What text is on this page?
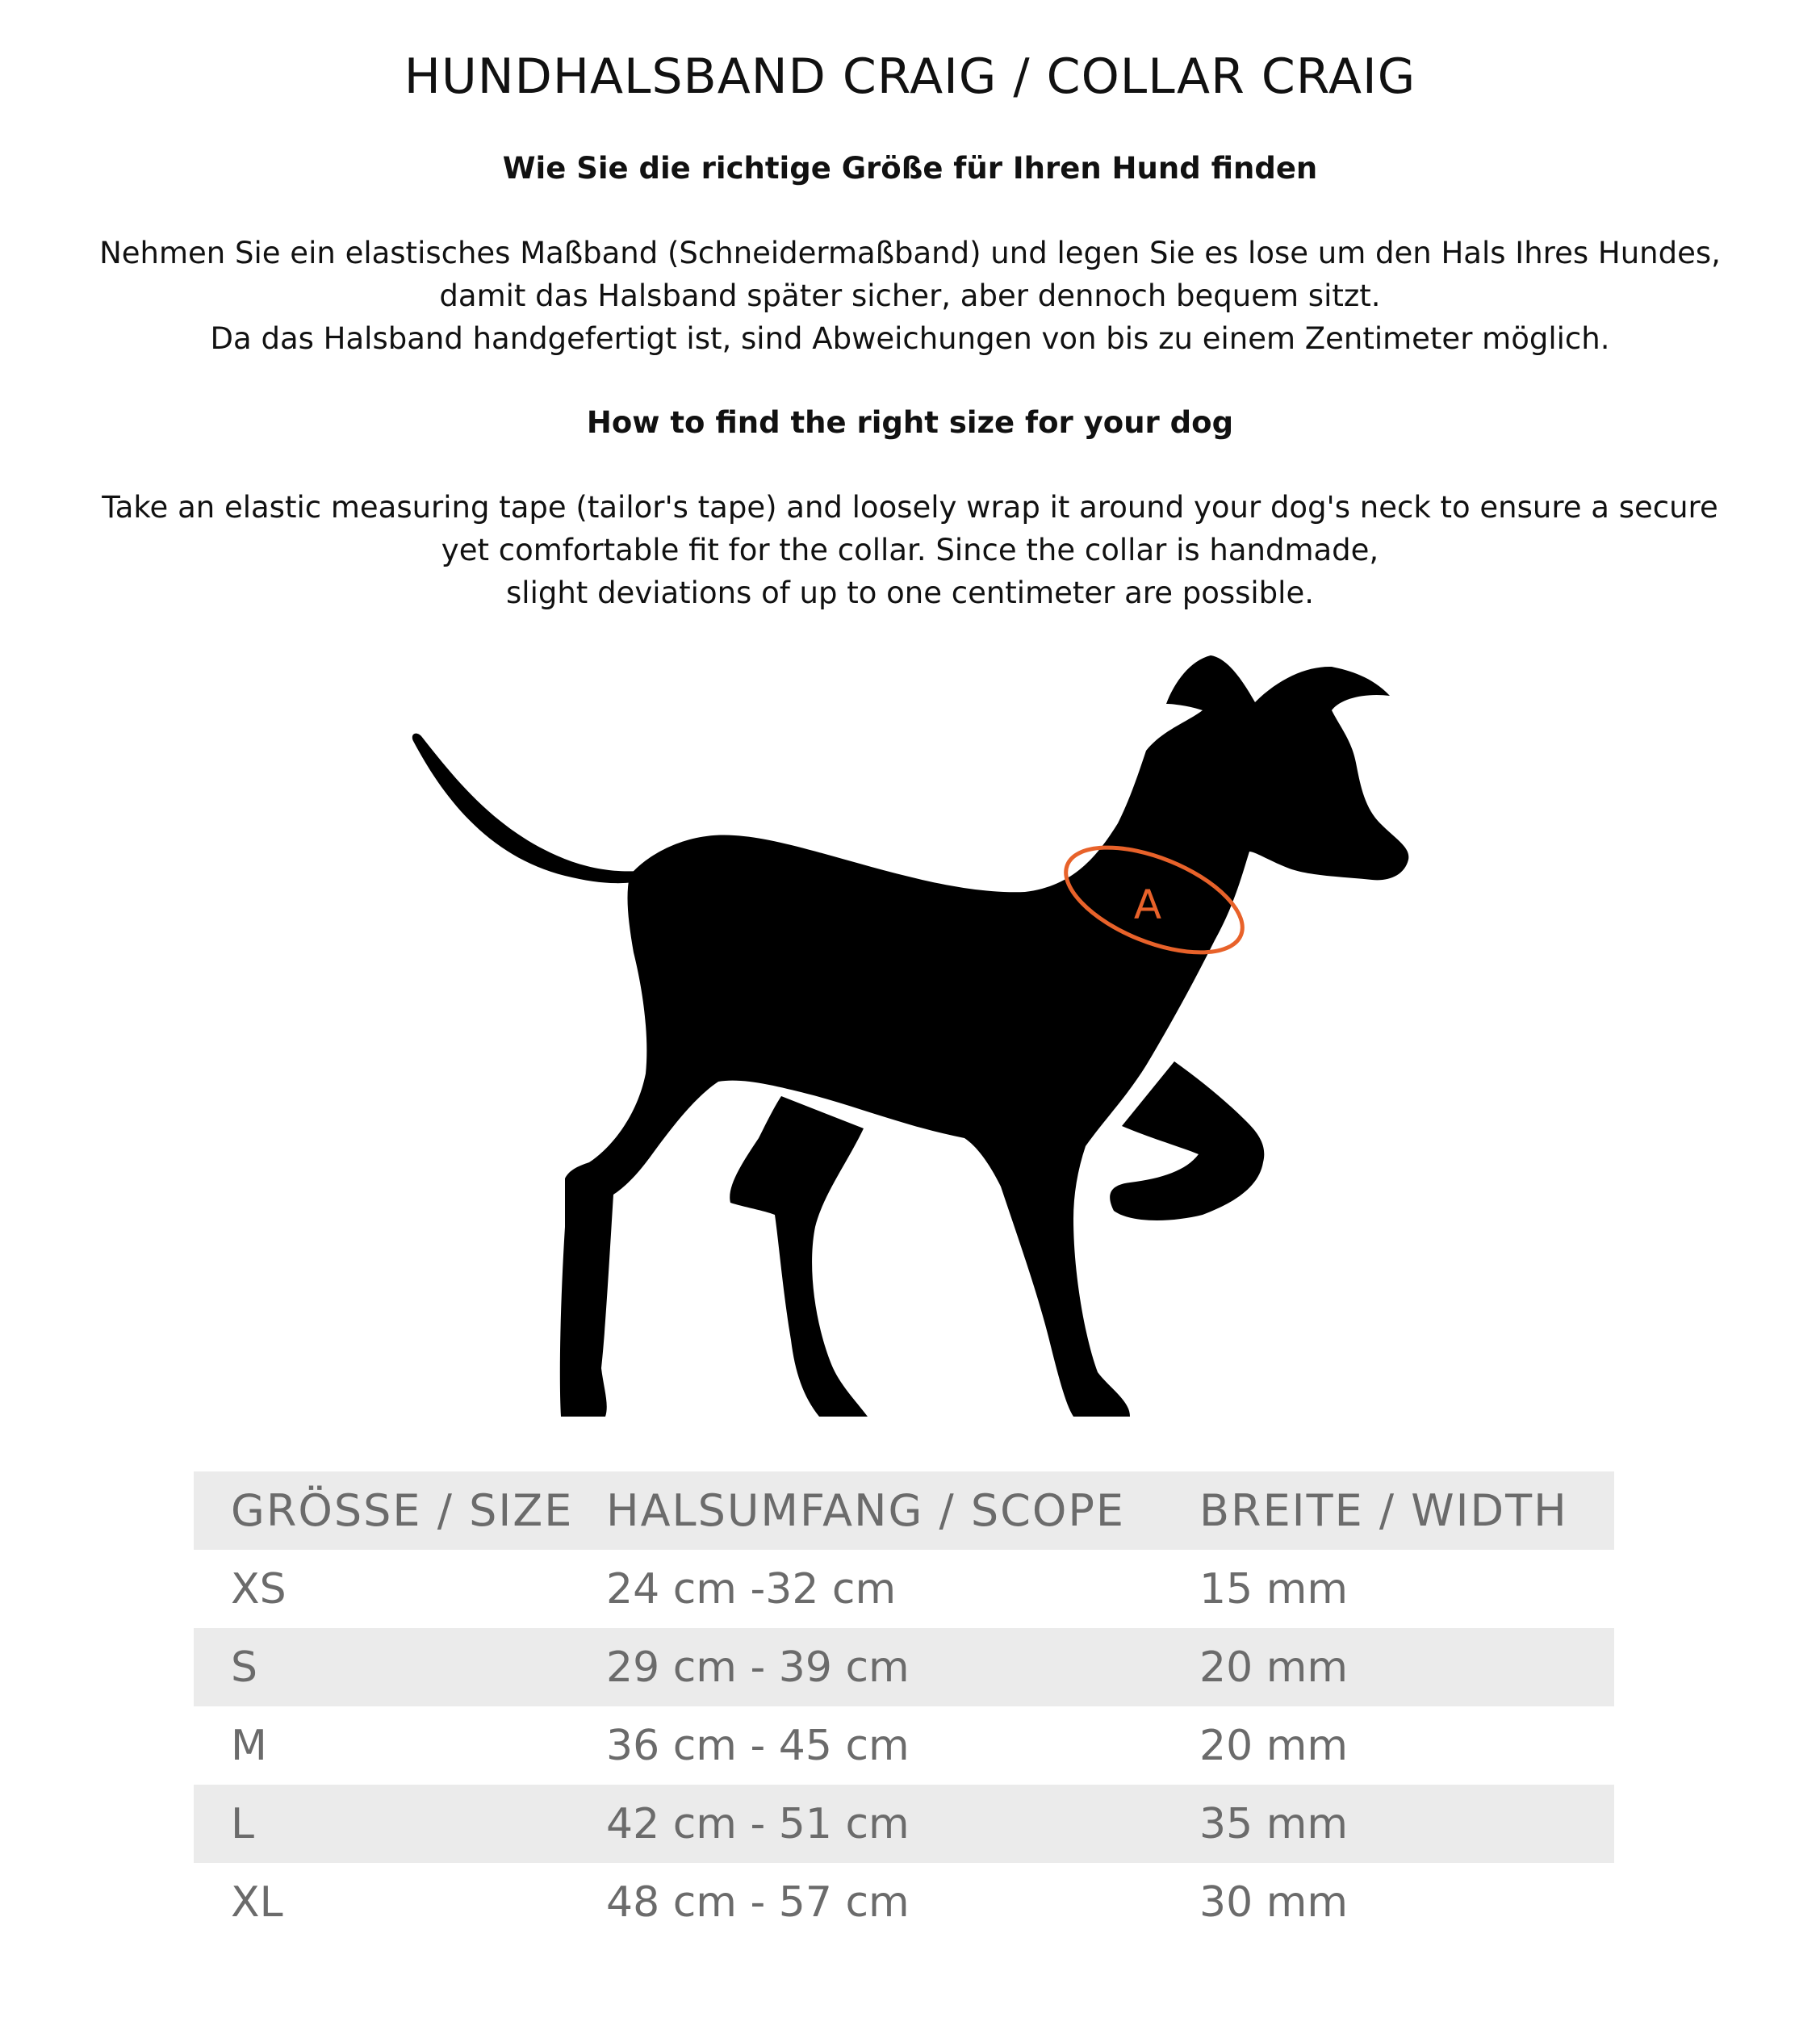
HUNDHALSBAND CRAIG / COLLAR CRAIG
Wie Sie die richtige Größe für Ihren Hund finden

Nehmen Sie ein elastisches Maßband (Schneidermaßband) und legen Sie es lose um den Hals Ihres Hundes,

damit das Halsband später sicher, aber dennoch bequem sitzt.

Da das Halsband handgefertigt ist, sind Abweichungen von bis zu einem Zentimeter möglich.

How to find the right size for your dog

Take an elastic measuring tape (tailor's tape) and loosely wrap it around your dog's neck to ensure a secure

yet comfortable fit for the collar. Since the collar is handmade,

slight deviations of up to one centimeter are possible.

A
GRÖSSE / SIZE	HALSUMFANG / SCOPE	BREITE / WIDTH
XS	24 cm -32 cm	15 mm
S	29 cm - 39 cm	20 mm
M	36 cm - 45 cm	20 mm
L	42 cm - 51 cm	35 mm
XL	48 cm - 57 cm	30 mm
